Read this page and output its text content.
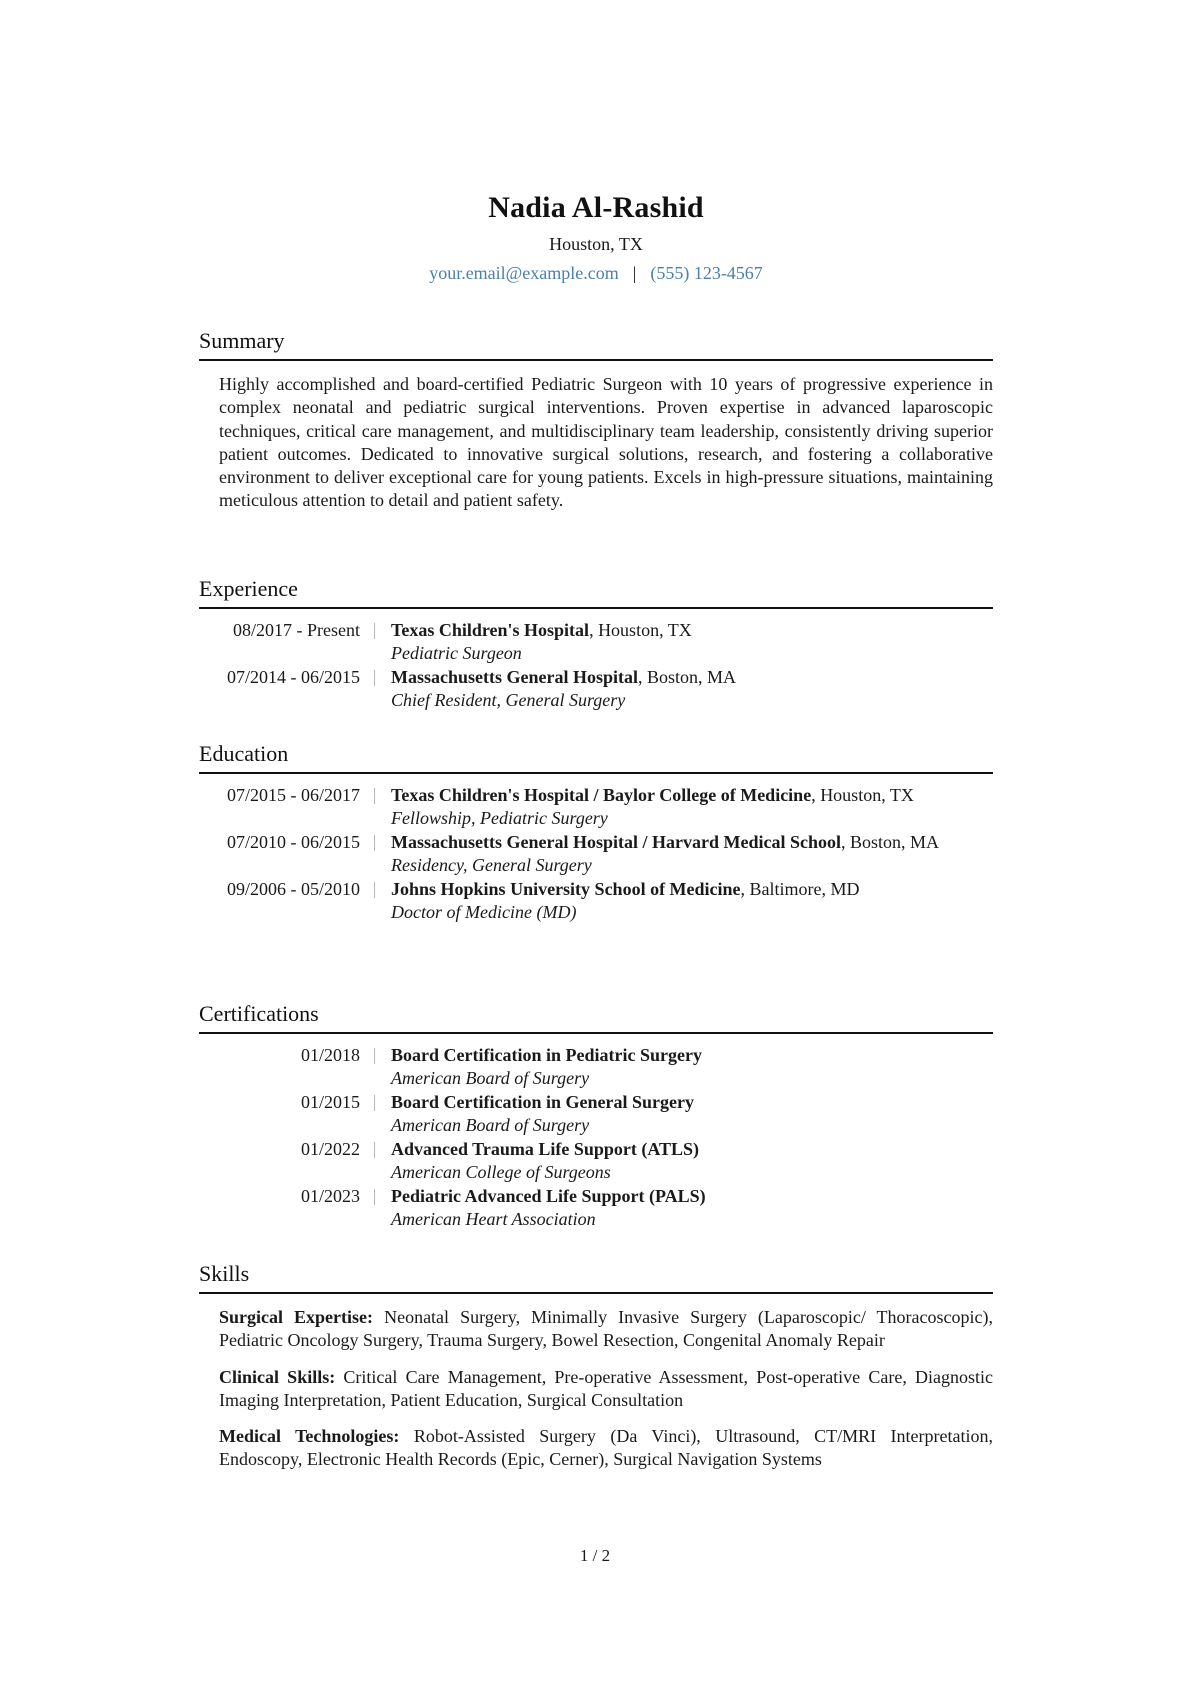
Nadia Al-Rashid
Houston, TX
your.email@example.com | (555) 123-4567
Summary
Highly accomplished and board-certified Pediatric Surgeon with 10 years of progressive experience in complex neonatal and pediatric surgical interventions. Proven expertise in advanced laparoscopic techniques, critical care management, and multidisciplinary team leadership, consistently driving superior patient outcomes. Dedicated to innovative surgical solutions, research, and fostering a collaborative environment to deliver exceptional care for young patients. Excels in high-pressure situations, maintaining meticulous attention to detail and patient safety.
Experience
08/2017 - Present	Texas Children's Hospital, Houston, TX
Pediatric Surgeon
07/2014 - 06/2015	Massachusetts General Hospital, Boston, MA
Chief Resident, General Surgery
Education
07/2015 - 06/2017	Texas Children's Hospital / Baylor College of Medicine, Houston, TX
Fellowship, Pediatric Surgery
07/2010 - 06/2015	Massachusetts General Hospital / Harvard Medical School, Boston, MA
Residency, General Surgery
09/2006 - 05/2010	Johns Hopkins University School of Medicine, Baltimore, MD
Doctor of Medicine (MD)
Certifications
01/2018	Board Certification in Pediatric Surgery
American Board of Surgery
01/2015	Board Certification in General Surgery
American Board of Surgery
01/2022	Advanced Trauma Life Support (ATLS)
American College of Surgeons
01/2023	Pediatric Advanced Life Support (PALS)
American Heart Association
Skills
Surgical Expertise: Neonatal Surgery, Minimally Invasive Surgery (Laparoscopic/ Thoracoscopic), Pediatric Oncology Surgery, Trauma Surgery, Bowel Resection, Congenital Anomaly Repair
Clinical Skills: Critical Care Management, Pre-operative Assessment, Post-operative Care, Diagnostic Imaging Interpretation, Patient Education, Surgical Consultation
Medical Technologies: Robot-Assisted Surgery (Da Vinci), Ultrasound, CT/MRI Interpretation, Endoscopy, Electronic Health Records (Epic, Cerner), Surgical Navigation Systems
1 / 2
